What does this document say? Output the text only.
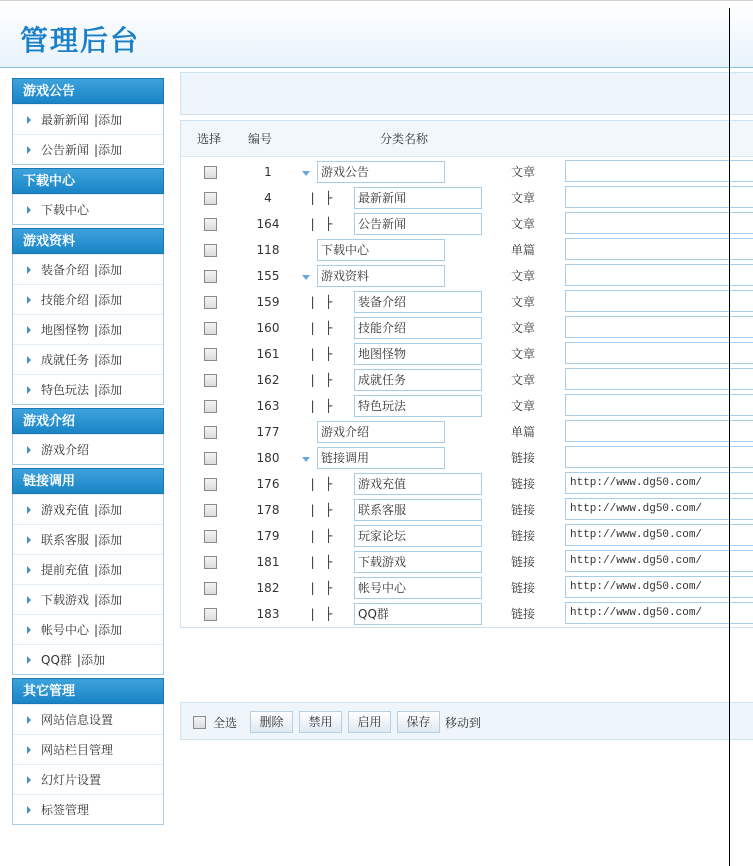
管理后台
游戏公告
最新新闻 |添加
公告新闻 |添加
下载中心
下载中心
游戏资料
装备介绍 |添加
技能介绍 |添加
地图怪物 |添加
成就任务 |添加
特色玩法 |添加
游戏介绍
游戏介绍
链接调用
游戏充值 |添加
联系客服 |添加
提前充值 |添加
下载游戏 |添加
帐号中心 |添加
QQ群 |添加
其它管理
网站信息设置
网站栏目管理
幻灯片设置
标签管理
选择 编号	分类名称
1	游戏公告	文章
4	| ├	最新新闻	文章
164	| ├	公告新闻	文章
118	下载中心	单篇
155	游戏资料	文章
159	| ├	装备介绍	文章
160	| ├	技能介绍	文章
161	| ├	地图怪物	文章
162	| ├	成就任务	文章
163	| ├	特色玩法	文章
177	游戏介绍	单篇
180	链接调用	链接
176	| ├	游戏充值	链接	http://www.dg50.com/
178	| ├	联系客服	链接	http://www.dg50.com/
179	| ├	玩家论坛	链接	http://www.dg50.com/
181	| ├	下载游戏	链接	http://www.dg50.com/
182	| ├	帐号中心	链接	http://www.dg50.com/
183	| ├	QQ群	链接	http://www.dg50.com/
全选	删除	禁用	启用	保存	移动到
